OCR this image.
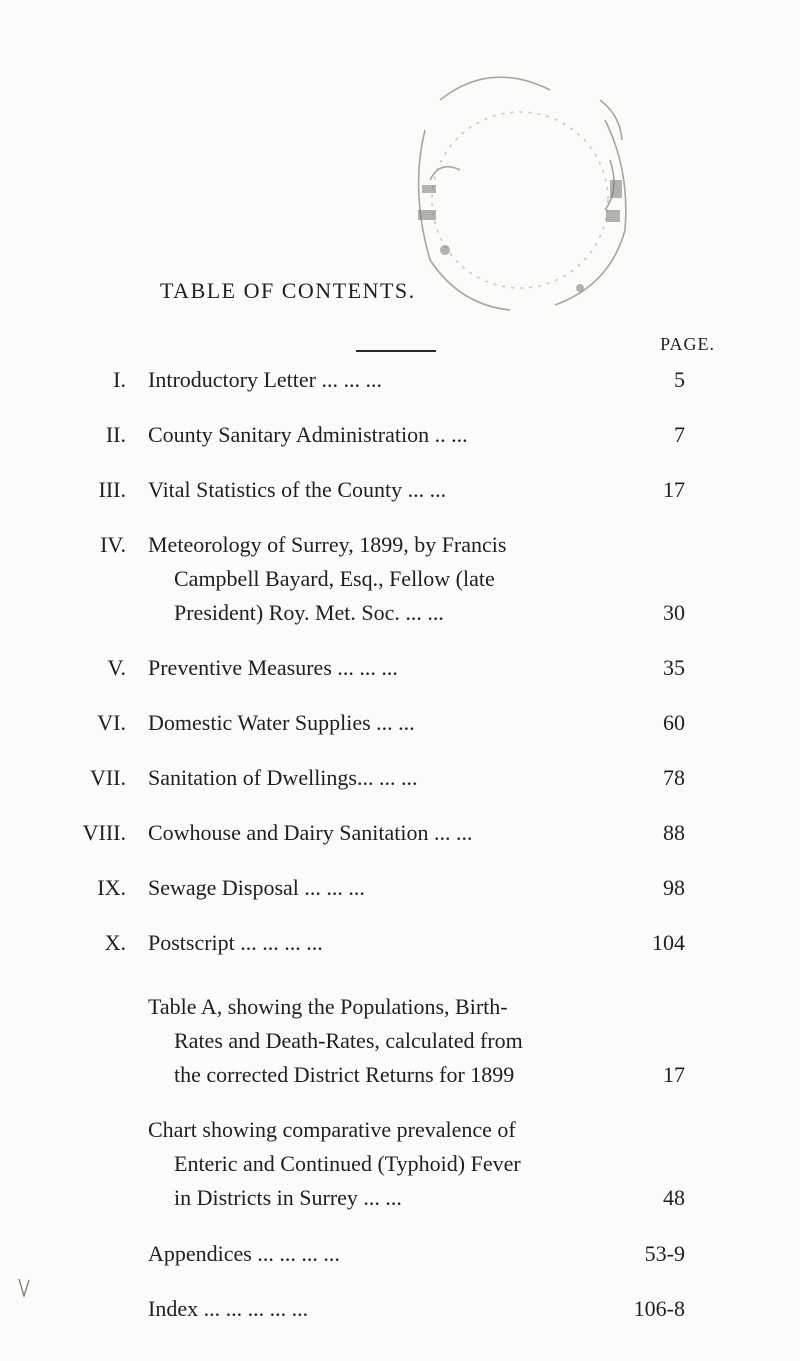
TABLE OF CONTENTS.
PAGE.
I. Introductory Letter ... ... ...	5
II. County Sanitary Administration .. ...	7
III. Vital Statistics of the County ... ...	17
IV. Meteorology of Surrey, 1899, by Francis
Campbell Bayard, Esq., Fellow (late
President) Roy. Met. Soc. ... ...	30
V. Preventive Measures ... ... ...	35
VI. Domestic Water Supplies ... ...	60
VII. Sanitation of Dwellings... ... ...	78
VIII. Cowhouse and Dairy Sanitation ... ...	88
IX. Sewage Disposal ... ... ...	98
X. Postscript ... ... ... ...	104
Table A, showing the Populations, Birth-
Rates and Death-Rates, calculated from
the corrected District Returns for 1899	17
Chart showing comparative prevalence of
Enteric and Continued (Typhoid) Fever
in Districts in Surrey ... ...	48
Appendices ... ... ... ...	53-9
Index ... ... ... ... ...	106-8
